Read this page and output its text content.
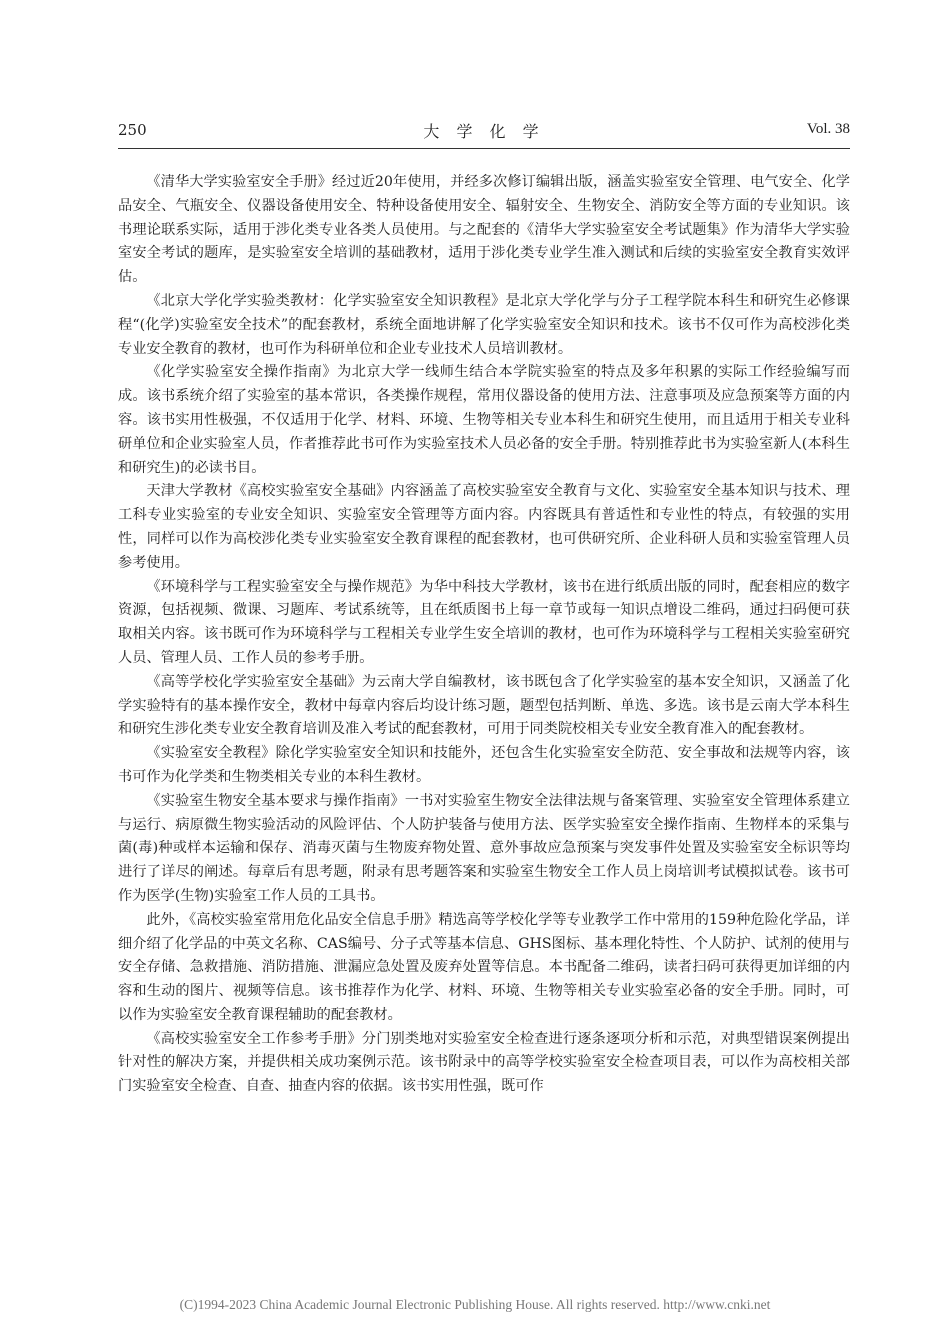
250	大 学 化 学	Vol. 38

《清华大学实验室安全手册》经过近20年使用，并经多次修订编辑出版，涵盖实验室安全管理、电气安全、化学品安全、气瓶安全、仪器设备使用安全、特种设备使用安全、辐射安全、生物安全、消防安全等方面的专业知识。该书理论联系实际，适用于涉化类专业各类人员使用。与之配套的《清华大学实验室安全考试题集》作为清华大学实验室安全考试的题库，是实验室安全培训的基础教材，适用于涉化类专业学生准入测试和后续的实验室安全教育实效评估。

《北京大学化学实验类教材：化学实验室安全知识教程》是北京大学化学与分子工程学院本科生和研究生必修课程“(化学)实验室安全技术”的配套教材，系统全面地讲解了化学实验室安全知识和技术。该书不仅可作为高校涉化类专业安全教育的教材，也可作为科研单位和企业专业技术人员培训教材。

《化学实验室安全操作指南》为北京大学一线师生结合本学院实验室的特点及多年积累的实际工作经验编写而成。该书系统介绍了实验室的基本常识，各类操作规程，常用仪器设备的使用方法、注意事项及应急预案等方面的内容。该书实用性极强，不仅适用于化学、材料、环境、生物等相关专业本科生和研究生使用，而且适用于相关专业科研单位和企业实验室人员，作者推荐此书可作为实验室技术人员必备的安全手册。特别推荐此书为实验室新人(本科生和研究生)的必读书目。

天津大学教材《高校实验室安全基础》内容涵盖了高校实验室安全教育与文化、实验室安全基本知识与技术、理工科专业实验室的专业安全知识、实验室安全管理等方面内容。内容既具有普适性和专业性的特点，有较强的实用性，同样可以作为高校涉化类专业实验室安全教育课程的配套教材，也可供研究所、企业科研人员和实验室管理人员参考使用。

《环境科学与工程实验室安全与操作规范》为华中科技大学教材，该书在进行纸质出版的同时，配套相应的数字资源，包括视频、微课、习题库、考试系统等，且在纸质图书上每一章节或每一知识点增设二维码，通过扫码便可获取相关内容。该书既可作为环境科学与工程相关专业学生安全培训的教材，也可作为环境科学与工程相关实验室研究人员、管理人员、工作人员的参考手册。

《高等学校化学实验室安全基础》为云南大学自编教材，该书既包含了化学实验室的基本安全知识，又涵盖了化学实验特有的基本操作安全，教材中每章内容后均设计练习题，题型包括判断、单选、多选。该书是云南大学本科生和研究生涉化类专业安全教育培训及准入考试的配套教材，可用于同类院校相关专业安全教育准入的配套教材。

《实验室安全教程》除化学实验室安全知识和技能外，还包含生化实验室安全防范、安全事故和法规等内容，该书可作为化学类和生物类相关专业的本科生教材。

《实验室生物安全基本要求与操作指南》一书对实验室生物安全法律法规与备案管理、实验室安全管理体系建立与运行、病原微生物实验活动的风险评估、个人防护装备与使用方法、医学实验室安全操作指南、生物样本的采集与菌(毒)种或样本运输和保存、消毒灭菌与生物废弃物处置、意外事故应急预案与突发事件处置及实验室安全标识等均进行了详尽的阐述。每章后有思考题，附录有思考题答案和实验室生物安全工作人员上岗培训考试模拟试卷。该书可作为医学(生物)实验室工作人员的工具书。

此外，《高校实验室常用危化品安全信息手册》精选高等学校化学等专业教学工作中常用的159种危险化学品，详细介绍了化学品的中英文名称、CAS编号、分子式等基本信息、GHS图标、基本理化特性、个人防护、试剂的使用与安全存储、急救措施、消防措施、泄漏应急处置及废弃处置等信息。本书配备二维码，读者扫码可获得更加详细的内容和生动的图片、视频等信息。该书推荐作为化学、材料、环境、生物等相关专业实验室必备的安全手册。同时，可以作为实验室安全教育课程辅助的配套教材。

《高校实验室安全工作参考手册》分门别类地对实验室安全检查进行逐条逐项分析和示范，对典型错误案例提出针对性的解决方案，并提供相关成功案例示范。该书附录中的高等学校实验室安全检查项目表，可以作为高校相关部门实验室安全检查、自查、抽查内容的依据。该书实用性强，既可作

(C)1994-2023 China Academic Journal Electronic Publishing House. All rights reserved. http://www.cnki.net
